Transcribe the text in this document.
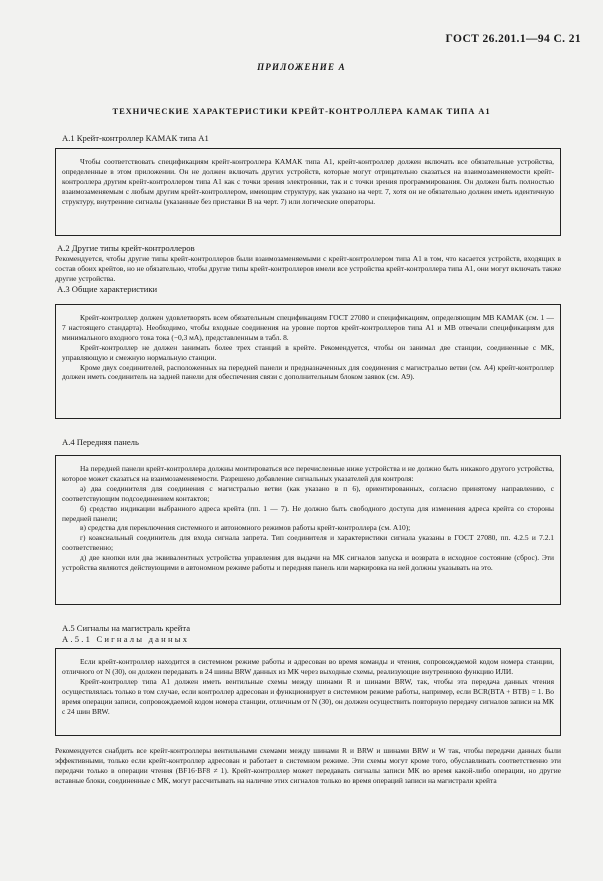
ГОСТ 26.201.1—94 С. 21
ПРИЛОЖЕНИЕ А
ТЕХНИЧЕСКИЕ ХАРАКТЕРИСТИКИ КРЕЙТ-КОНТРОЛЛЕРА КАМАК ТИПА А1
А.1 Крейт-контроллер КАМАК типа А1

Чтобы соответствовать спецификациям крейт-контроллера КАМАК типа А1, крейт-контроллер должен включать все обязательные устройства, определенные в этом приложении. Он не должен включать других устройств, которые могут отрицательно сказаться на взаимозаменяемости крейт-контроллера другим крейт-контроллером типа А1 как с точки зрения электроники, так и с точки зрения программирования. Он должен быть полностью взаимозаменяемым с любым другим крейт-контроллером, имеющим структуру, как указано на черт. 7, хотя он не обязательно должен иметь идентичную структуру, внутренние сигналы (указанные без приставки В на черт. 7) или логические операторы.

А.2 Другие типы крейт-контроллеров

Рекомендуется, чтобы другие типы крейт-контроллеров были взаимозаменяемыми с крейт-контроллером типа А1 в том, что касается устройств, входящих в состав обоих крейтов, но не обязательно, чтобы другие типы крейт-контроллеров имели все устройства крейт-контроллера типа А1, они могут включать также другие устройства.

А.3 Общие характеристики

Крейт-контроллер должен удовлетворять всем обязательным спецификациям ГОСТ 27080 и спецификациям, определяющим МВ КАМАК (см. 1 — 7 настоящего стандарта). Необходимо, чтобы входные соединения на уровне портов крейт-контроллеров типа А1 и МВ отвечали спецификациям для минимального входного тока тока (−0,3 мА), представленным в табл. 8.

Крейт-контроллер не должен занимать более трех станций в крейте. Рекомендуется, чтобы он занимал две станции, соединенные с МК, управляющую и смежную нормальную станции.

Кроме двух соединителей, расположенных на передней панели и предназначенных для соединения с магистралью ветви (см. А4) крейт-контроллер должен иметь соединитель на задней панели для обеспечения связи с дополнительным блоком заявок (см. А9).

А.4 Передняя панель

На передней панели крейт-контроллера должны монтироваться все перечисленные ниже устройства и не должно быть никакого другого устройства, которое может сказаться на взаимозаменяемости. Разрешено добавление сигнальных указателей для контроля:

а) два соединителя для соединения с магистралью ветви (как указано в п 6), ориентированных, согласно принятому направлению, с соответствующим подсоединением контактов;

б) средство индикации выбранного адреса крейта (пп. 1 — 7). Не должно быть свободного доступа для изменения адреса крейта со стороны передней панели;

в) средства для переключения системного и автономного режимов работы крейт-контроллера (см. А10);

г) коаксиальный соединитель для входа сигнала запрета. Тип соединителя и характеристики сигнала указаны в ГОСТ 27080, пп. 4.2.5 и 7.2.1 соответственно;

д) две кнопки или два эквивалентных устройства управления для выдачи на МК сигналов запуска и возврата в исходное состояние (сброс). Эти устройства являются действующими в автономном режиме работы и передняя панель или маркировка на ней должны указывать на это.

А.5 Сигналы на магистраль крейта
А.5.1 Сигналы данных

Если крейт-контроллер находится в системном режиме работы и адресован во время команды и чтения, сопровождаемой кодом номера станции, отличного от N (30), он должен передавать в 24 шины BRW данных из МК через выходные схемы, реализующие внутреннюю функцию ИЛИ.

Крейт-контроллер типа А1 должен иметь вентильные схемы между шинами R и шинами BRW, так, чтобы эта передача данных чтения осуществлялась только в том случае, если контроллер адресован и функционирует в системном режиме работы, например, если BCR(BTA + BTB) = 1. Во время операции записи, сопровождаемой кодом номера станции, отличным от N (30), он должен осуществить повторную передачу сигналов записи на МК с 24 шин BRW.

Рекомендуется снабдить все крейт-контроллеры вентильными схемами между шинами R и BRW и шинами BRW и W так, чтобы передачи данных были эффективными, только если крейт-контроллер адресован и работает в системном режиме. Эти схемы могут кроме того, обуславливать соответственно эти передачи только в операции чтения (BF16·BF8 ≠ 1). Крейт-контроллер может передавать сигналы записи МК во время какой-либо операции, но другие вставные блоки, соединенные с МК, могут рассчитывать на наличие этих сигналов только во время операций записи на магистрали крейта
